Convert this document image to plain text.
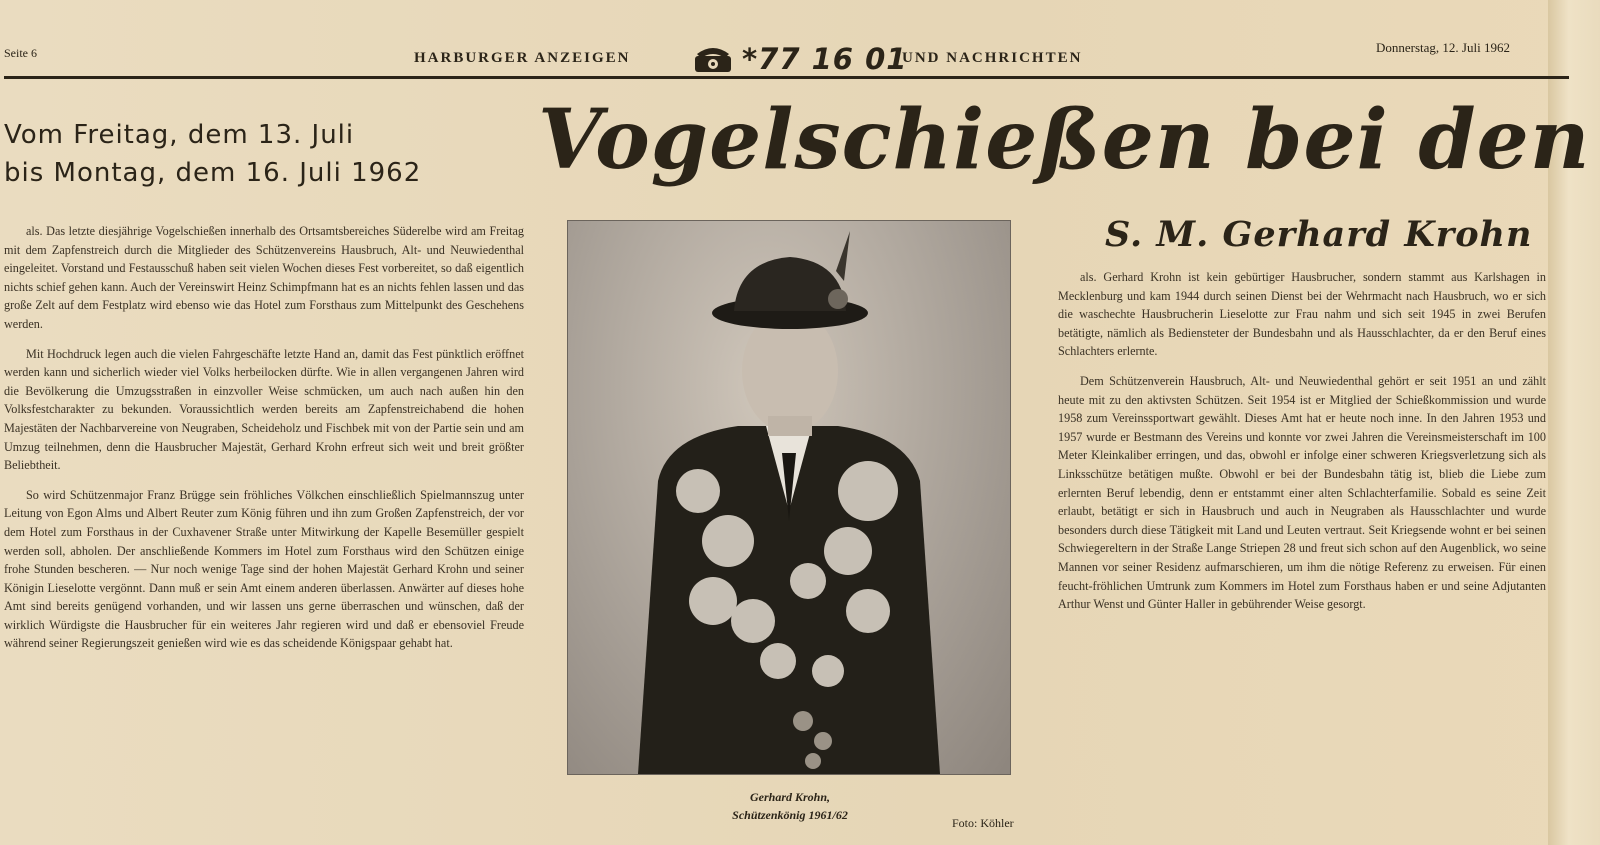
Seite 6	HARBURGER ANZEIGEN	*77 16 01
UND NACHRICHTEN
Donnerstag, 12. Juli 1962
Vom Freitag, dem 13. Juli
bis Montag, dem 16. Juli 1962 Vogelschießen bei den

als. Das letzte diesjährige Vogelschießen innerhalb des Ortsamtsbereiches Süderelbe wird am Freitag mit dem Zapfenstreich durch die Mitglieder des Schützenvereins Hausbruch, Alt- und Neuwiedenthal eingeleitet. Vorstand und Festausschuß haben seit vielen Wochen dieses Fest vorbereitet, so daß eigentlich nichts schief gehen kann. Auch der Vereinswirt Heinz Schimpfmann hat es an nichts fehlen lassen und das große Zelt auf dem Festplatz wird ebenso wie das Hotel zum Forsthaus zum Mittelpunkt des Geschehens werden.

Mit Hochdruck legen auch die vielen Fahrgeschäfte letzte Hand an, damit das Fest pünktlich eröffnet werden kann und sicherlich wieder viel Volks herbeilocken dürfte. Wie in allen vergangenen Jahren wird die Bevölkerung die Umzugsstraßen in einzvoller Weise schmücken, um auch nach außen hin den Volksfestcharakter zu bekunden. Voraussichtlich werden bereits am Zapfenstreichabend die hohen Majestäten der Nachbarvereine von Neugraben, Scheideholz und Fischbek mit von der Partie sein und am Umzug teilnehmen, denn die Hausbrucher Majestät, Gerhard Krohn erfreut sich weit und breit größter Beliebtheit.

So wird Schützenmajor Franz Brügge sein fröhliches Völkchen einschließlich Spielmannszug unter Leitung von Egon Alms und Albert Reuter zum König führen und ihn zum Großen Zapfenstreich, der vor dem Hotel zum Forsthaus in der Cuxhavener Straße unter Mitwirkung der Kapelle Besemüller gespielt werden soll, abholen. Der anschließende Kommers im Hotel zum Forsthaus wird den Schützen einige frohe Stunden bescheren. — Nur noch wenige Tage sind der hohen Majestät Gerhard Krohn und seiner Königin Lieselotte vergönnt. Dann muß er sein Amt einem anderen überlassen. Anwärter auf dieses hohe Amt sind bereits genügend vorhanden, und wir lassen uns gerne überraschen und wünschen, daß der wirklich Würdigste die Hausbrucher für ein weiteres Jahr regieren wird und daß er ebensoviel Freude während seiner Regierungszeit genießen wird wie es das scheidende Königspaar gehabt hat.

Gerhard Krohn,
Schützenkönig 1961/62
Foto: Köhler
S. M. Gerhard Krohn

als. Gerhard Krohn ist kein gebürtiger Hausbrucher, sondern stammt aus Karlshagen in Mecklenburg und kam 1944 durch seinen Dienst bei der Wehrmacht nach Hausbruch, wo er sich die waschechte Hausbrucherin Lieselotte zur Frau nahm und sich seit 1945 in zwei Berufen betätigte, nämlich als Bediensteter der Bundesbahn und als Hausschlachter, da er den Beruf eines Schlachters erlernte.

Dem Schützenverein Hausbruch, Alt- und Neuwiedenthal gehört er seit 1951 an und zählt heute mit zu den aktivsten Schützen. Seit 1954 ist er Mitglied der Schießkommission und wurde 1958 zum Vereinssportwart gewählt. Dieses Amt hat er heute noch inne. In den Jahren 1953 und 1957 wurde er Bestmann des Vereins und konnte vor zwei Jahren die Vereinsmeisterschaft im 100 Meter Kleinkaliber erringen, und das, obwohl er infolge einer schweren Kriegsverletzung sich als Linksschütze betätigen mußte. Obwohl er bei der Bundesbahn tätig ist, blieb die Liebe zum erlernten Beruf lebendig, denn er entstammt einer alten Schlachterfamilie. Sobald es seine Zeit erlaubt, betätigt er sich in Hausbruch und auch in Neugraben als Hausschlachter und wurde besonders durch diese Tätigkeit mit Land und Leuten vertraut. Seit Kriegsende wohnt er bei seinen Schwiegereltern in der Straße Lange Striepen 28 und freut sich schon auf den Augenblick, wo seine Mannen vor seiner Residenz aufmarschieren, um ihm die nötige Referenz zu erweisen. Für einen feucht-fröhlichen Umtrunk zum Kommers im Hotel zum Forsthaus haben er und seine Adjutanten Arthur Wenst und Günter Haller in gebührender Weise gesorgt.
